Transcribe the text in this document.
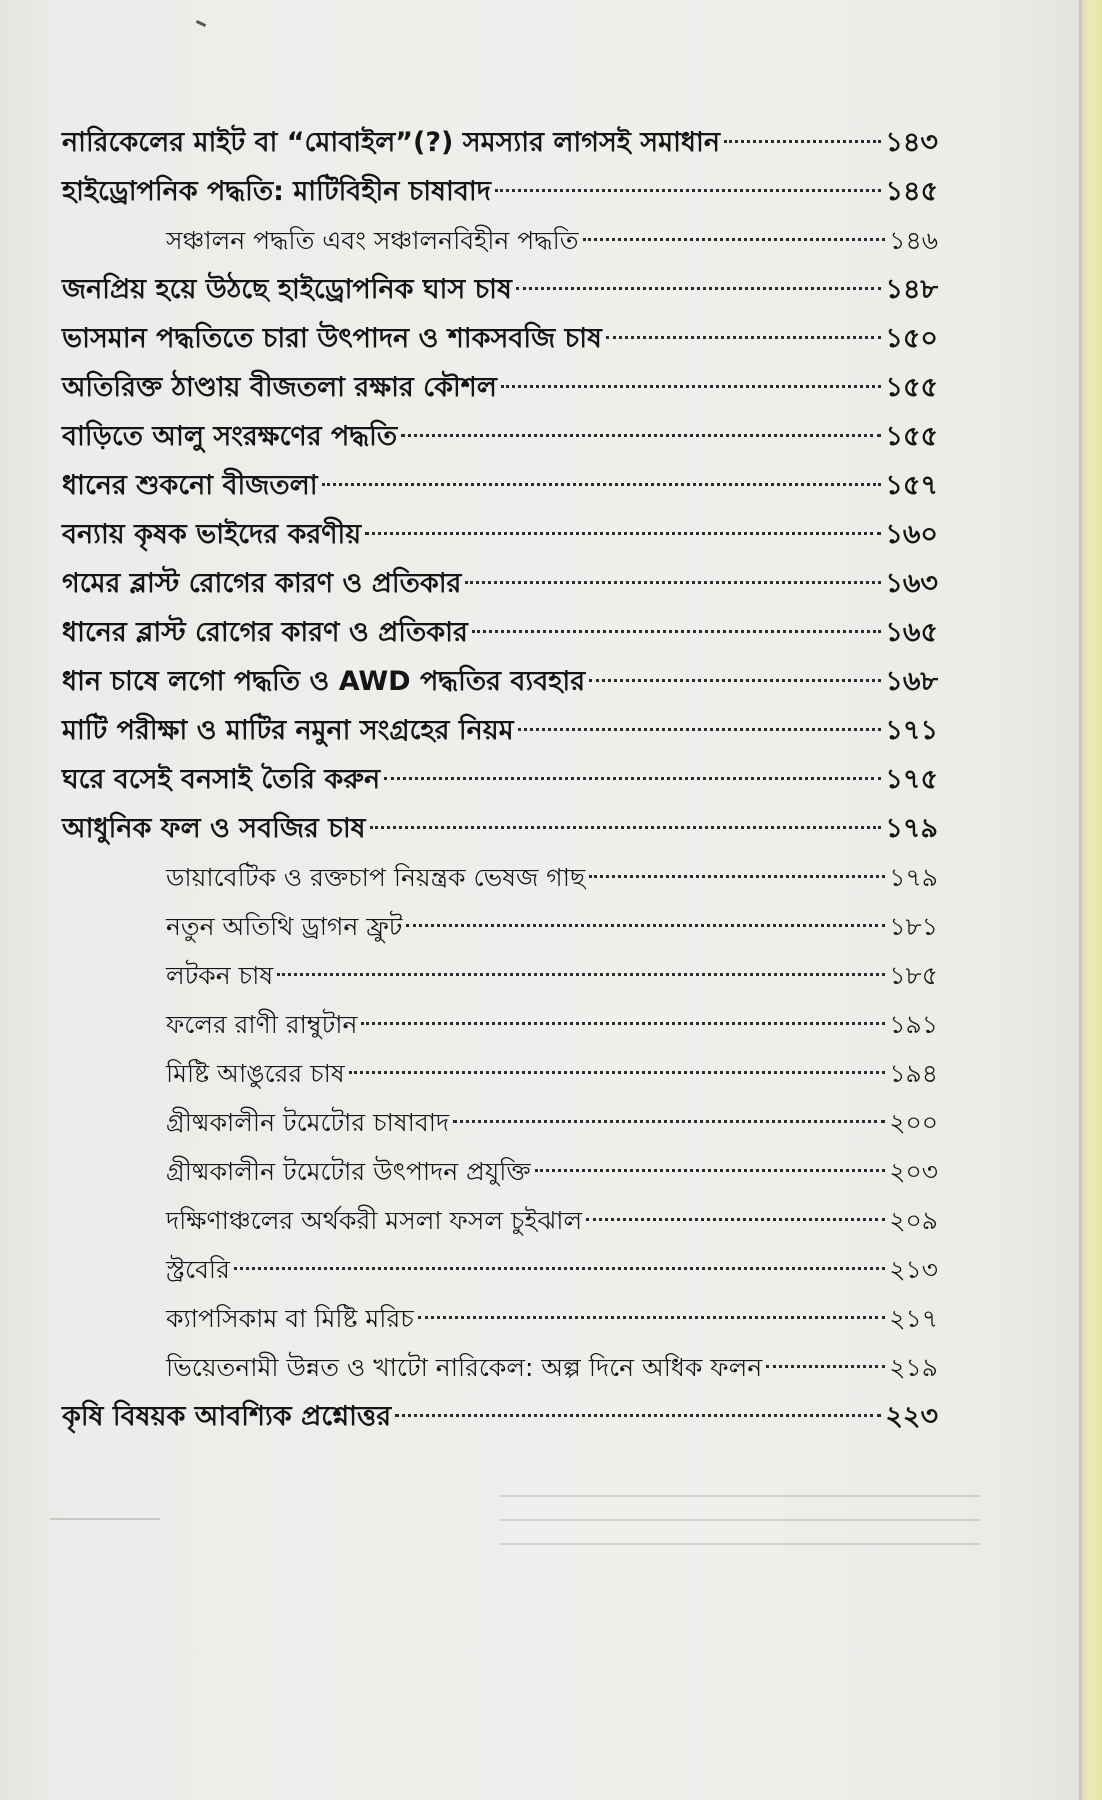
নারিকেলের মাইট বা “মোবাইল”(?) সমস্যার লাগসই সমাধান	১৪৩
হাইড্রোপনিক পদ্ধতি: মাটিবিহীন চাষাবাদ	১৪৫
সঞ্চালন পদ্ধতি এবং সঞ্চালনবিহীন পদ্ধতি	১৪৬
জনপ্রিয় হয়ে উঠছে হাইড্রোপনিক ঘাস চাষ	১৪৮
ভাসমান পদ্ধতিতে চারা উৎপাদন ও শাকসবজি চাষ	১৫০
অতিরিক্ত ঠাণ্ডায় বীজতলা রক্ষার কৌশল	১৫৫
বাড়িতে আলু সংরক্ষণের পদ্ধতি	১৫৫
ধানের শুকনো বীজতলা	১৫৭
বন্যায় কৃষক ভাইদের করণীয়	১৬০
গমের ব্লাস্ট রোগের কারণ ও প্রতিকার	১৬৩
ধানের ব্লাস্ট রোগের কারণ ও প্রতিকার	১৬৫
ধান চাষে লগো পদ্ধতি ও AWD পদ্ধতির ব্যবহার	১৬৮
মাটি পরীক্ষা ও মাটির নমুনা সংগ্রহের নিয়ম	১৭১
ঘরে বসেই বনসাই তৈরি করুন	১৭৫
আধুনিক ফল ও সবজির চাষ	১৭৯
ডায়াবেটিক ও রক্তচাপ নিয়ন্ত্রক ভেষজ গাছ	১৭৯
নতুন অতিথি ড্রাগন ফ্রুট	১৮১
লটকন চাষ	১৮৫
ফলের রাণী রাম্বুটান	১৯১
মিষ্টি আঙুরের চাষ	১৯৪
গ্রীষ্মকালীন টমেটোর চাষাবাদ	২০০
গ্রীষ্মকালীন টমেটোর উৎপাদন প্রযুক্তি	২০৩
দক্ষিণাঞ্চলের অর্থকরী মসলা ফসল চুইঝাল	২০৯
স্ট্রবেরি	২১৩
ক্যাপসিকাম বা মিষ্টি মরিচ	২১৭
ভিয়েতনামী উন্নত ও খাটো নারিকেল: অল্প দিনে অধিক ফলন	২১৯
কৃষি বিষয়ক আবশ্যিক প্রশ্নোত্তর	২২৩
